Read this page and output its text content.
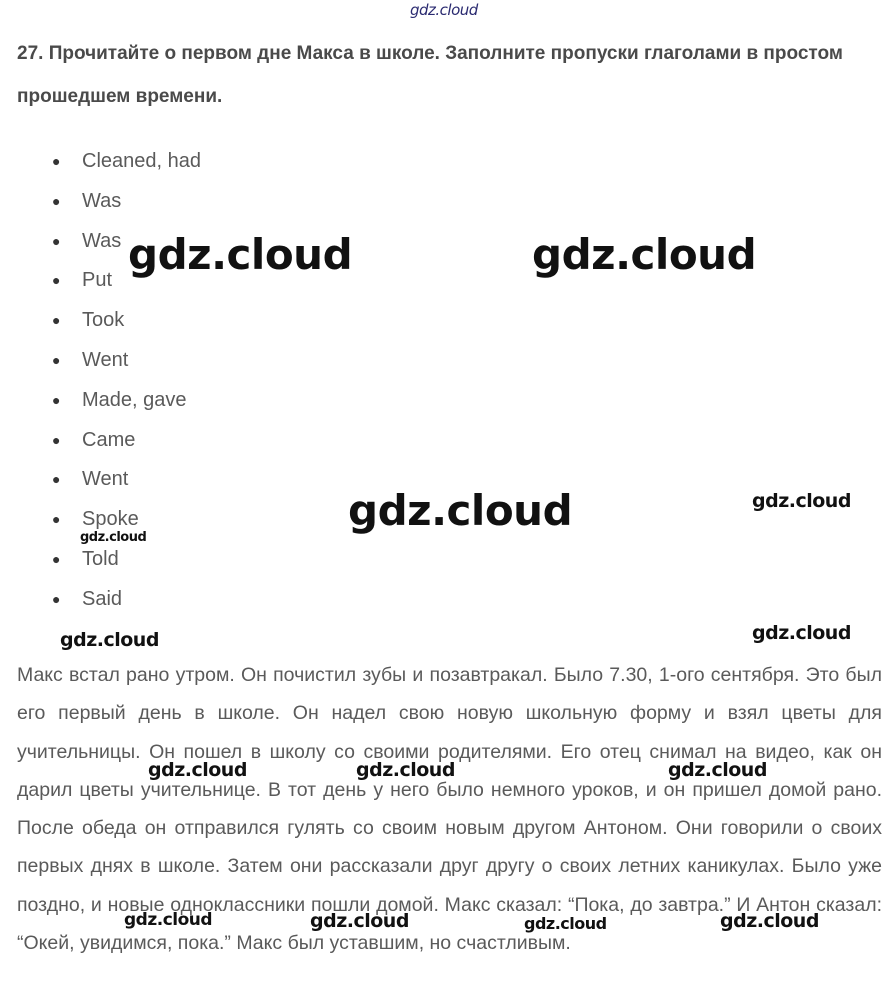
gdz.cloud

27. Прочитайте о первом дне Макса в школе. Заполните пропуски глаголами в простом прошедшем времени.

● Cleaned, had
● Was
● Was
● Put
● Took
● Went
● Made, gave
● Came
● Went
● Spoke
● Told
● Said

Макс встал рано утром. Он почистил зубы и позавтракал. Было 7.30, 1-ого сентября. Это был его первый день в школе. Он надел свою новую школьную форму и взял цветы для учительницы. Он пошел в школу со своими родителями. Его отец снимал на видео, как он дарил цветы учительнице. В тот день у него было немного уроков, и он пришел домой рано. После обеда он отправился гулять со своим новым другом Антоном. Они говорили о своих первых днях в школе. Затем они рассказали друг другу о своих летних каникулах. Было уже поздно, и новые одноклассники пошли домой. Макс сказал: “Пока, до завтра.” И Антон сказал: “Окей, увидимся, пока.” Макс был уставшим, но счастливым.

gdz.cloud	gdz.cloud
gdz.cloud	gdz.cloud
gdz.cloud
gdz.cloud
gdz.cloud
gdz.cloud	gdz.cloud	gdz.cloud
gdz.cloud	gdz.cloud	gdz.cloud	gdz.cloud
